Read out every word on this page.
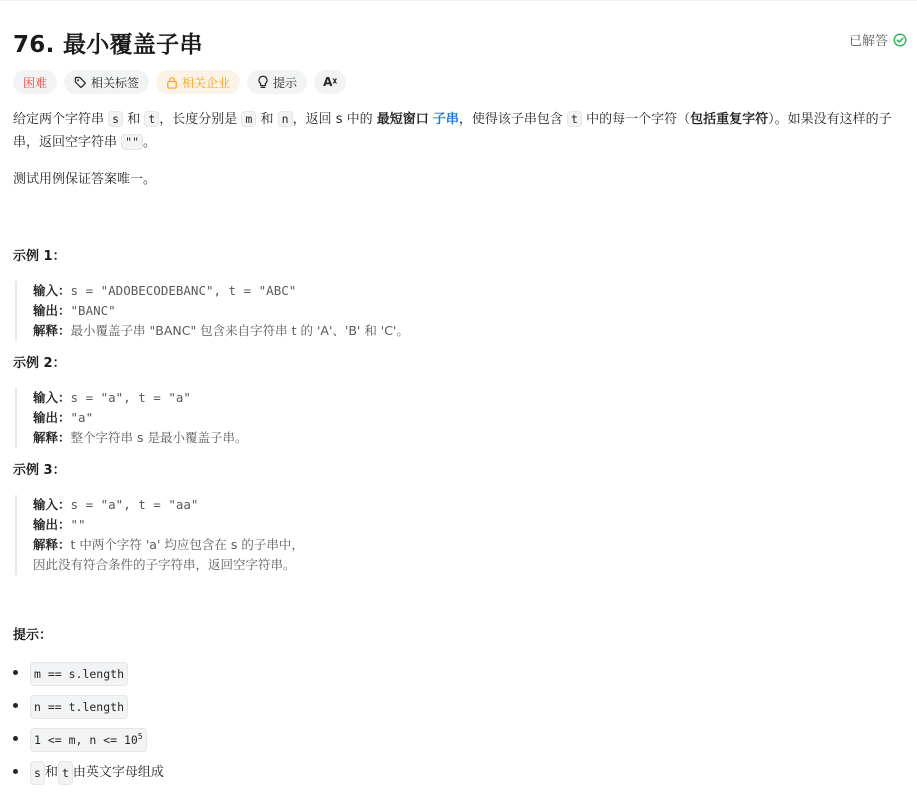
76. 最小覆盖子串	已解答
困难	相关标签	相关企业	提示 Aᵡ

给定两个字符串 s 和 t ，长度分别是 m 和 n ，返回 s 中的 最短窗口 子串，使得该子串包含 t 中的每一个字符（包括重复字符）。如果没有这样的子串，返回空字符串 "" 。

测试用例保证答案唯一。

示例 1：
输入：s = "ADOBECODEBANC", t = "ABC"
输出："BANC"
解释：最小覆盖子串 "BANC" 包含来自字符串 t 的 'A'、'B' 和 'C'。
示例 2：
输入：s = "a", t = "a"
输出："a"
解释：整个字符串 s 是最小覆盖子串。
示例 3：
输入：s = "a", t = "aa"
输出：""
解释：t 中两个字符 'a' 均应包含在 s 的子串中，
因此没有符合条件的子字符串，返回空字符串。
提示：
m == s.length
n == t.length
1 <= m, $n <= 10^5$
s 和 t 由英文字母组成
